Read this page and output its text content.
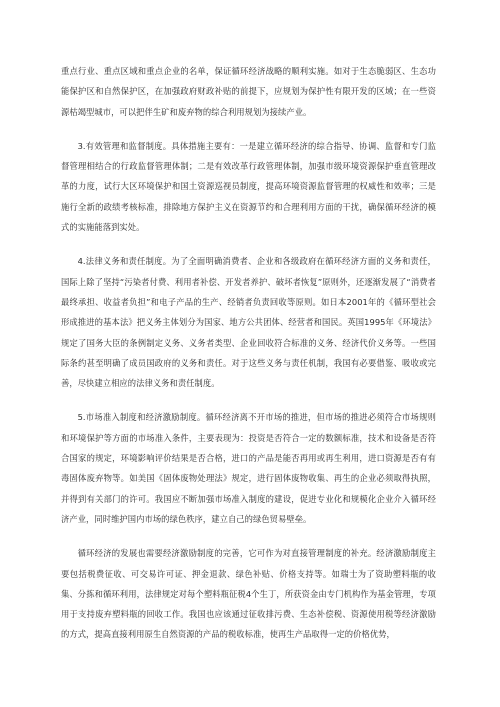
重点行业、重点区域和重点企业的名单，保证循环经济战略的顺利实施。如对于生态脆弱区、生态功能保护区和自然保护区，在加强政府财政补贴的前提下，应规划为保护性有限开发的区域；在一些资源枯竭型城市，可以把伴生矿和废弃物的综合利用规划为接续产业。

3.有效管理和监督制度。具体措施主要有：一是建立循环经济的综合指导、协调、监督和专门监督管理相结合的行政监督管理体制；二是有效改革行政管理体制，加强市级环境资源保护垂直管理改革的力度，试行大区环境保护和国土资源巡视员制度，提高环境资源监督管理的权威性和效率；三是施行全新的政绩考核标准，排除地方保护主义在资源节约和合理利用方面的干扰，确保循环经济的模式的实施能落到实处。

4.法律义务和责任制度。为了全面明确消费者、企业和各级政府在循环经济方面的义务和责任，国际上除了坚持“污染者付费、利用者补偿、开发者养护、破坏者恢复”原则外，还逐渐发展了“消费者最终承担、收益者负担”和电子产品的生产、经销者负责回收等原则。如日本2001年的《循环型社会形成推进的基本法》把义务主体划分为国家、地方公共团体、经营者和国民。英国1995年《环境法》规定了国务大臣的条例制定义务、义务者类型、企业回收符合标准的义务、经济代价义务等。一些国际条约甚至明确了成员国政府的义务和责任。对于这些义务与责任机制，我国有必要借鉴、吸收或完善，尽快建立相应的法律义务和责任制度。

5.市场准入制度和经济激励制度。循环经济离不开市场的推进，但市场的推进必须符合市场规则和环境保护等方面的市场准入条件，主要表现为：投资是否符合一定的数额标准，技术和设备是否符合国家的规定，环境影响评价结果是否合格，进口的产品是能否再用或再生利用，进口资源是否有有毒固体废弃物等。如美国《固体废物处理法》规定，进行固体废物收集、再生的企业必须取得执照，并得到有关部门的许可。我国应不断加强市场准入制度的建设，促进专业化和规模化企业介入循环经济产业，同时维护国内市场的绿色秩序，建立自己的绿色贸易壁垒。

循环经济的发展也需要经济激励制度的完善，它可作为对直接管理制度的补充。经济激励制度主要包括税费征收、可交易许可证、押金退款、绿色补贴、价格支持等。如瑞士为了资助塑料瓶的收集、分拣和循环利用，法律规定对每个塑料瓶征税4个生丁，所获资金由专门机构作为基金管理，专项用于支持废弃塑料瓶的回收工作。我国也应该通过征收排污费、生态补偿税、资源使用税等经济激励的方式，提高直接利用原生自然资源的产品的税收标准，使再生产品取得一定的价格优势，
